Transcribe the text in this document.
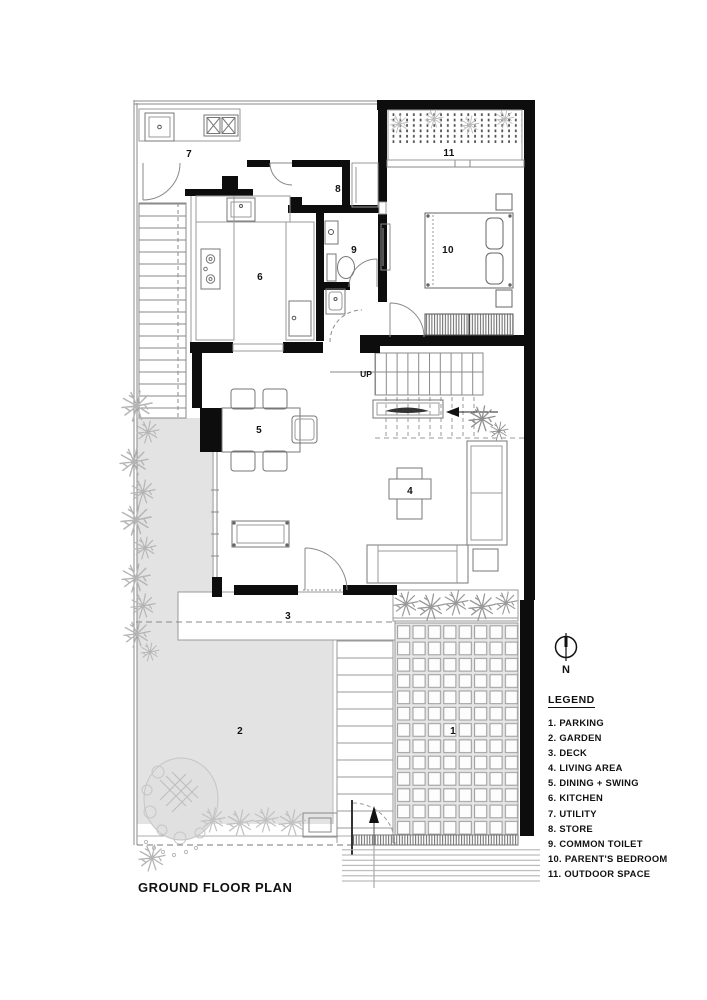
7
8
6
9
11
10
UP
5
4
3
2	1
N
LEGEND
1. PARKING
2. GARDEN
3. DECK
4. LIVING AREA
5. DINING + SWING
6. KITCHEN
7. UTILITY
8. STORE
9. COMMON TOILET
10. PARENT'S BEDROOM
11. OUTDOOR SPACE
GROUND FLOOR PLAN
